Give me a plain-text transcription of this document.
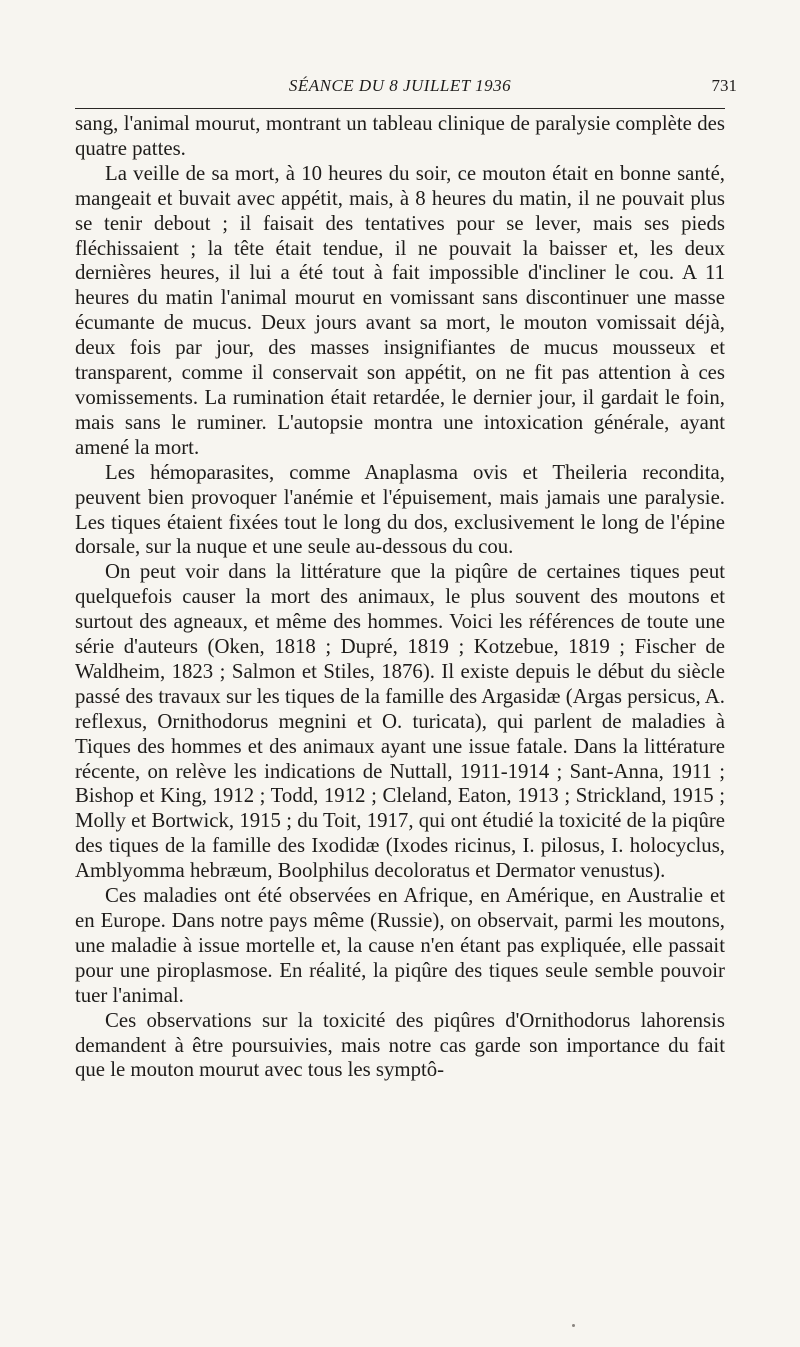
SÉANCE DU 8 JUILLET 1936	731

sang, l'animal mourut, montrant un tableau clinique de paralysie complète des quatre pattes.

La veille de sa mort, à 10 heures du soir, ce mouton était en bonne santé, mangeait et buvait avec appétit, mais, à 8 heures du matin, il ne pouvait plus se tenir debout ; il faisait des tentatives pour se lever, mais ses pieds fléchissaient ; la tête était tendue, il ne pouvait la baisser et, les deux dernières heures, il lui a été tout à fait impossible d'incliner le cou. A 11 heures du matin l'animal mourut en vomissant sans discontinuer une masse écumante de mucus. Deux jours avant sa mort, le mouton vomissait déjà, deux fois par jour, des masses insignifiantes de mucus mousseux et transparent, comme il conservait son appétit, on ne fit pas attention à ces vomissements. La rumination était retardée, le dernier jour, il gardait le foin, mais sans le ruminer. L'autopsie montra une intoxication générale, ayant amené la mort.

Les hémoparasites, comme Anaplasma ovis et Theileria recondita, peuvent bien provoquer l'anémie et l'épuisement, mais jamais une paralysie. Les tiques étaient fixées tout le long du dos, exclusivement le long de l'épine dorsale, sur la nuque et une seule au-dessous du cou.

On peut voir dans la littérature que la piqûre de certaines tiques peut quelquefois causer la mort des animaux, le plus souvent des moutons et surtout des agneaux, et même des hommes. Voici les références de toute une série d'auteurs (Oken, 1818 ; Dupré, 1819 ; Kotzebue, 1819 ; Fischer de Waldheim, 1823 ; Salmon et Stiles, 1876). Il existe depuis le début du siècle passé des travaux sur les tiques de la famille des Argasidæ (Argas persicus, A. reflexus, Ornithodorus megnini et O. turicata), qui parlent de maladies à Tiques des hommes et des animaux ayant une issue fatale. Dans la littérature récente, on relève les indications de Nuttall, 1911-1914 ; Sant-Anna, 1911 ; Bishop et King, 1912 ; Todd, 1912 ; Cleland, Eaton, 1913 ; Strickland, 1915 ; Molly et Bortwick, 1915 ; du Toit, 1917, qui ont étudié la toxicité de la piqûre des tiques de la famille des Ixodidæ (Ixodes ricinus, I. pilosus, I. holocyclus, Amblyomma hebræum, Boolphilus decoloratus et Dermator venustus).

Ces maladies ont été observées en Afrique, en Amérique, en Australie et en Europe. Dans notre pays même (Russie), on observait, parmi les moutons, une maladie à issue mortelle et, la cause n'en étant pas expliquée, elle passait pour une piroplasmose. En réalité, la piqûre des tiques seule semble pouvoir tuer l'animal.

Ces observations sur la toxicité des piqûres d'Ornithodorus lahorensis demandent à être poursuivies, mais notre cas garde son importance du fait que le mouton mourut avec tous les symptô-
